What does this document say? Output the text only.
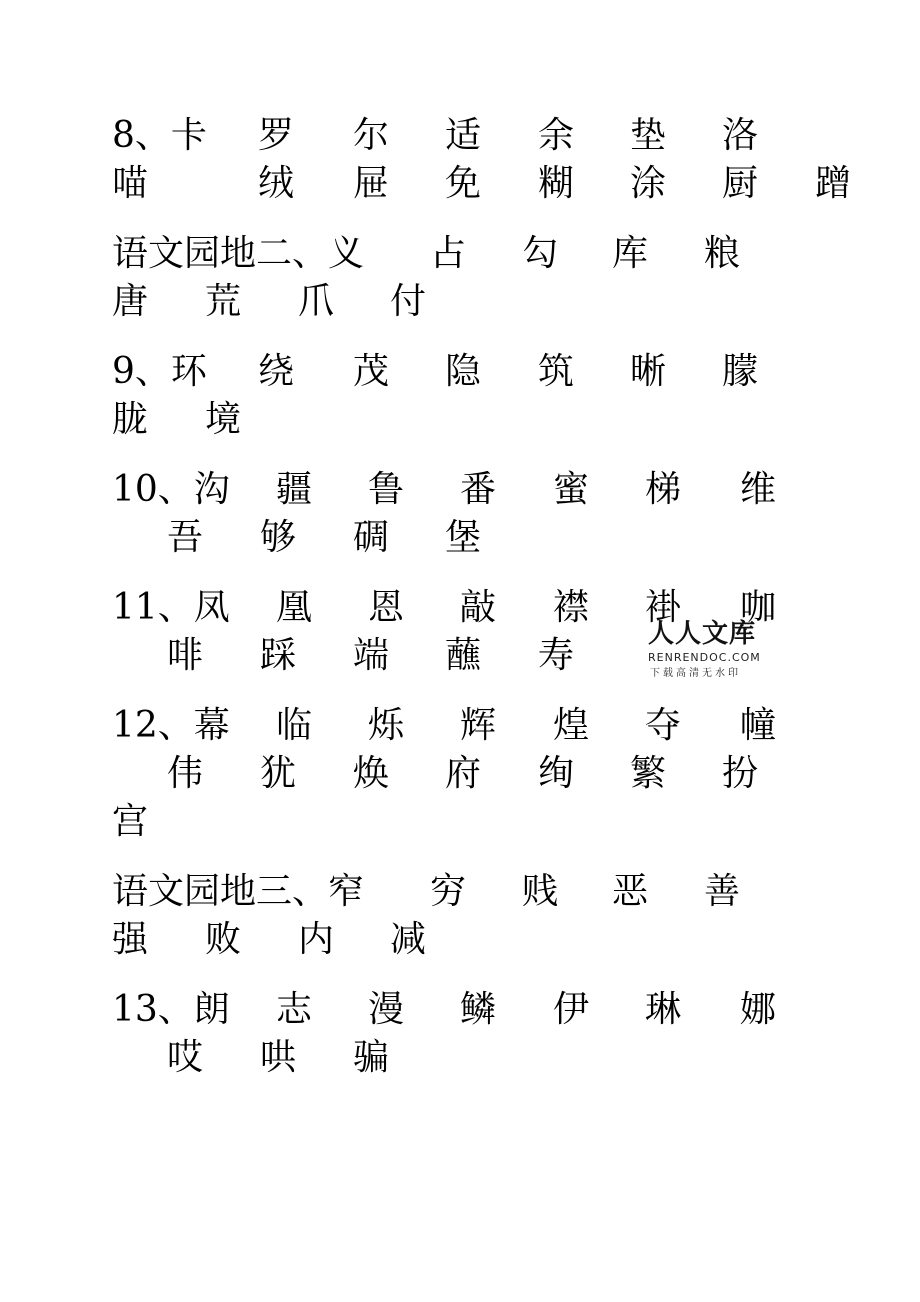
8、卡 罗 尔 适 余 垫 洛
喵	绒 屉 免 糊 涂 厨 蹭
语文园地二、义 占 勾 库 粮
唐 荒 爪 付
9、环 绕 茂 隐 筑 晰 朦
胧 境
10、沟 疆 鲁 番 蜜 梯 维
吾 够 碉 堡
11、凤 凰 恩 敲 襟 褂 咖
啡 踩 端 蘸 寿
12、幕 临 烁 辉 煌 夺 幢
伟 犹 焕 府 绚 繁 扮
宫
语文园地三、窄 穷 贱 恶 善
强 败 内 减
13、朗 志 漫 鳞 伊 琳 娜
哎 哄 骗
人人文库
RENRENDOC.COM
下载高清无水印
